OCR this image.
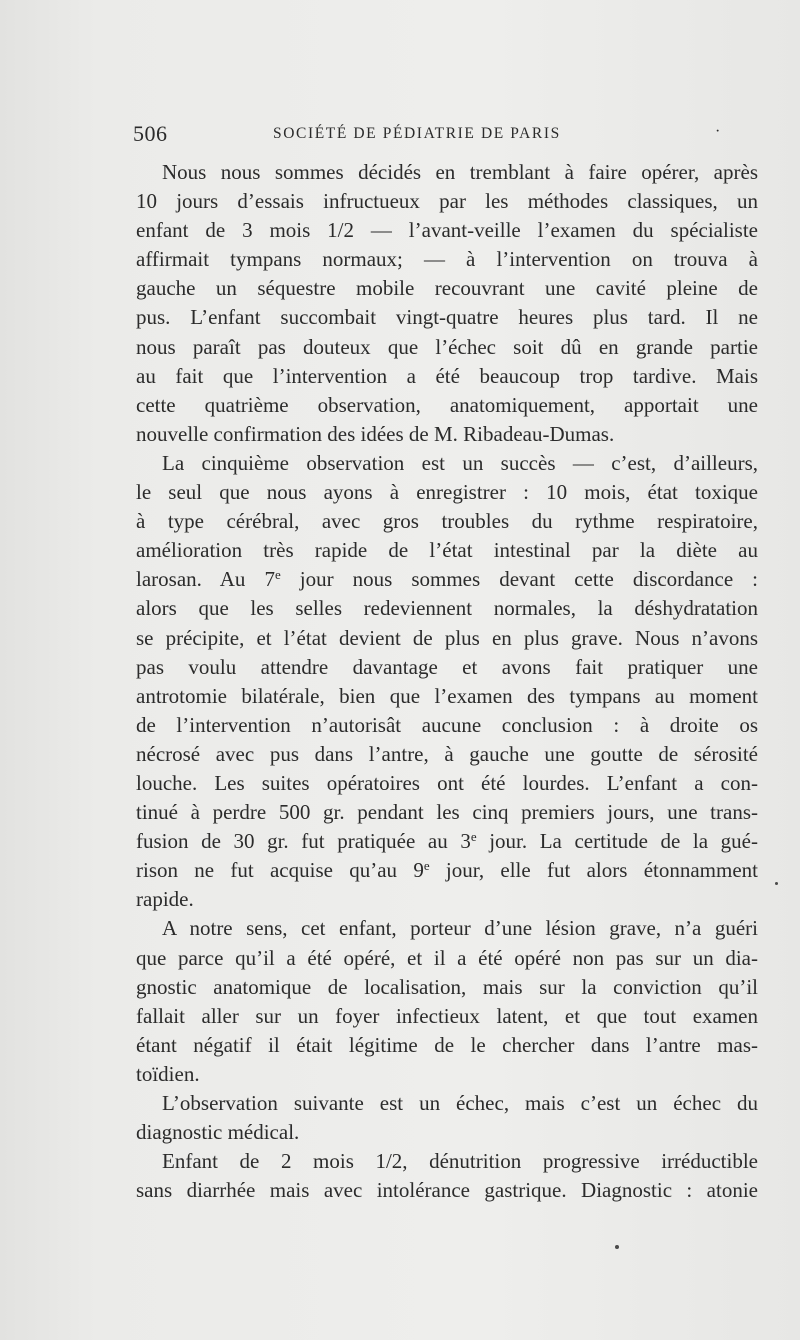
506	SOCIÉTÉ DE PÉDIATRIE DE PARIS	·
Nous nous sommes décidés en tremblant à faire opérer, après
10 jours d’essais infructueux par les méthodes classiques, un
enfant de 3 mois 1/2 — l’avant-veille l’examen du spécialiste
affirmait tympans normaux; — à l’intervention on trouva à
gauche un séquestre mobile recouvrant une cavité pleine de
pus. L’enfant succombait vingt-quatre heures plus tard. Il ne
nous paraît pas douteux que l’échec soit dû en grande partie
au fait que l’intervention a été beaucoup trop tardive. Mais
cette quatrième observation, anatomiquement, apportait une
nouvelle confirmation des idées de M. Ribadeau-Dumas.
La cinquième observation est un succès — c’est, d’ailleurs,
le seul que nous ayons à enregistrer : 10 mois, état toxique
à type cérébral, avec gros troubles du rythme respiratoire,
amélioration très rapide de l’état intestinal par la diète au
larosan. Au 7e jour nous sommes devant cette discordance :
alors que les selles redeviennent normales, la déshydratation
se précipite, et l’état devient de plus en plus grave. Nous n’avons
pas voulu attendre davantage et avons fait pratiquer une
antrotomie bilatérale, bien que l’examen des tympans au moment
de l’intervention n’autorisât aucune conclusion : à droite os
nécrosé avec pus dans l’antre, à gauche une goutte de sérosité
louche. Les suites opératoires ont été lourdes. L’enfant a con-
tinué à perdre 500 gr. pendant les cinq premiers jours, une trans-
fusion de 30 gr. fut pratiquée au 3e jour. La certitude de la gué-
rison ne fut acquise qu’au 9e jour, elle fut alors étonnamment
rapide.
A notre sens, cet enfant, porteur d’une lésion grave, n’a guéri
que parce qu’il a été opéré, et il a été opéré non pas sur un dia-
gnostic anatomique de localisation, mais sur la conviction qu’il
fallait aller sur un foyer infectieux latent, et que tout examen
étant négatif il était légitime de le chercher dans l’antre mas-
toïdien.
L’observation suivante est un échec, mais c’est un échec du
diagnostic médical.
Enfant de 2 mois 1/2, dénutrition progressive irréductible
sans diarrhée mais avec intolérance gastrique. Diagnostic : atonie
